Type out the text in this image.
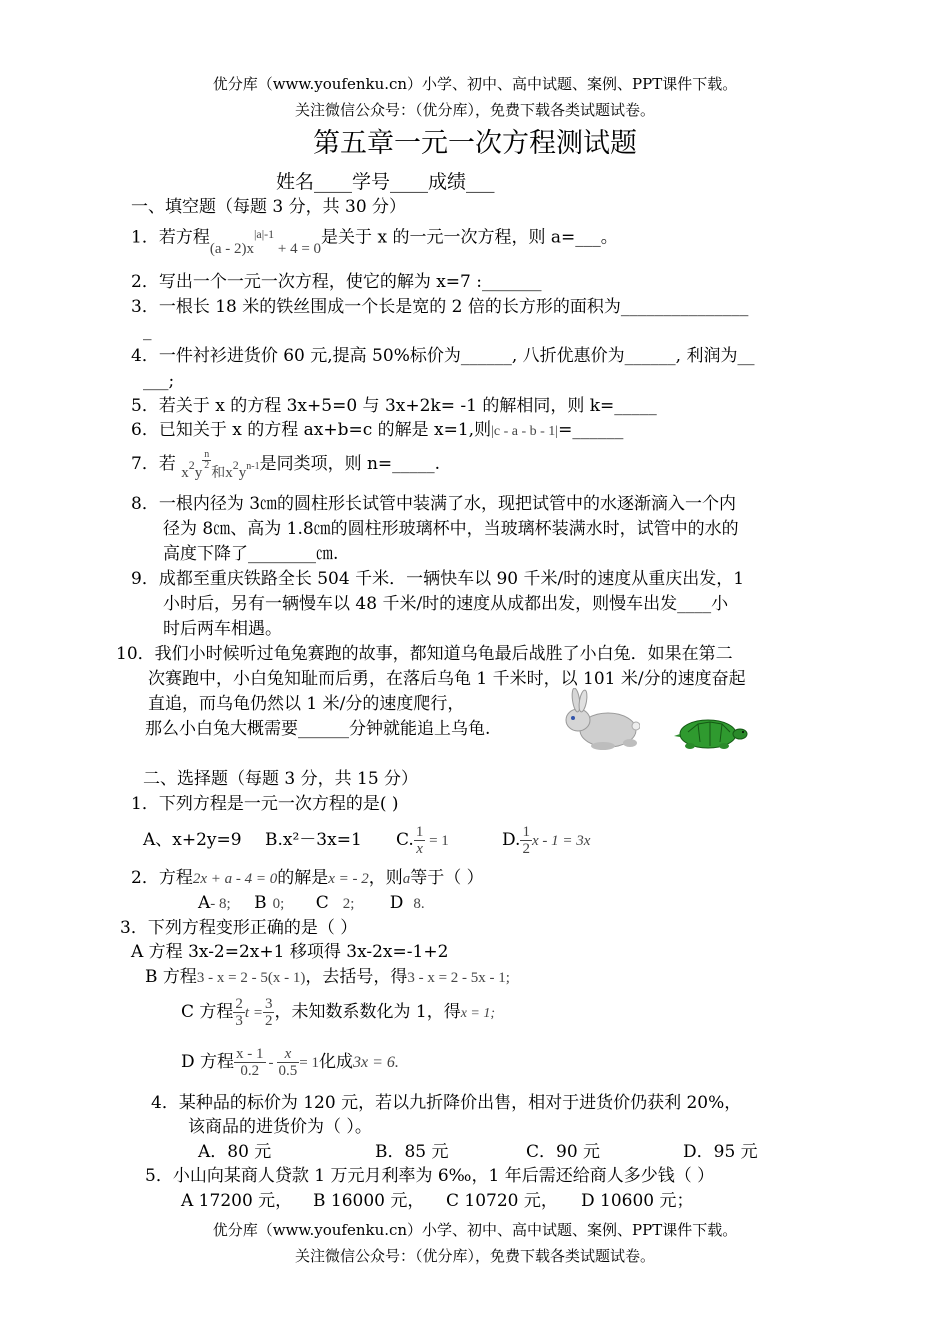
优分库（www.youfenku.cn）小学、初中、高中试题、案例、PPT课件下载。
关注微信公众号：（优分库），免费下载各类试题试卷。
第五章一元一次方程测试题
姓名____学号____成绩___
一、填空题（每题 3 分，共 30 分）
1．若方程$(a - 2)x^{|a|-1} + 4 = 0$是关于 x 的一元一次方程，则 a=___。
2．写出一个一元一次方程，使它的解为 x=7 :_______
3．一根长 18 米的铁丝围成一个长是宽的 2 倍的长方形的面积为_______________
_
4．一件衬衫进货价 60 元,提高 50%标价为______, 八折优惠价为______, 利润为__
___;
5．若关于 x 的方程 3x+5=0 与 3x+2k= -1 的解相同，则 k=_____
6．已知关于 x 的方程 ax+b=c 的解是 x=1,则|c - a - b - 1|=______
7．若 x2y
$\frac{n}{2}$
$_和$x2yn-1是同类项，则 n=_____.
8．一根内径为 3㎝的圆柱形长试管中装满了水，现把试管中的水逐渐滴入一个内
径为 8㎝、高为 1.8㎝的圆柱形玻璃杯中，当玻璃杯装满水时，试管中的水的
高度下降了________㎝.
9．成都至重庆铁路全长 504 千米．一辆快车以 90 千米/时的速度从重庆出发，1
小时后，另有一辆慢车以 48 千米/时的速度从成都出发，则慢车出发____小
时后两车相遇。
10．我们小时候听过龟兔赛跑的故事，都知道乌龟最后战胜了小白兔．如果在第二
次赛跑中，小白兔知耻而后勇，在落后乌龟 1 千米时，以 101 米/分的速度奋起
直追，而乌龟仍然以 1 米/分的速度爬行，
那么小白兔大概需要______分钟就能追上乌龟.
二、选择题（每题 3 分，共 15 分）
1．下列方程是一元一次方程的是( )
A、x+2y=9 B.x²－3x=1 C. $\frac{1}{x} = 1$	D. $\frac{1}{2}$ x - 1 = 3x
2．方程2x + a - 4 = 0的解是x = - 2，则a等于（ ）
A- 8; B 0; C 2; D 8.
3．下列方程变形正确的是（ ）
A 方程 3x-2=2x+1 移项得 3x-2x=-1+2
B 方程3 - x = 2 - 5(x - 1)，去括号，得3 - x = 2 - 5x - 1;
C 方程 $\frac{2}{3}$ $t = \frac{3}{2}$ ，未知数系数化为 1，得x = 1;
D 方程 $\frac{x - 1}{0.2} - \frac{x}{0.5} = 1$化成3x = 6.
4．某种品的标价为 120 元，若以九折降价出售，相对于进货价仍获利 20%，
该商品的进货价为（ ）。
A．80 元	B．85 元	C．90 元	D．95 元
5．小山向某商人贷款 1 万元月利率为 6‰，1 年后需还给商人多少钱（ ）
A 17200 元， B 16000 元， C 10720 元， D 10600 元；
优分库（www.youfenku.cn）小学、初中、高中试题、案例、PPT课件下载。
关注微信公众号：（优分库），免费下载各类试题试卷。
